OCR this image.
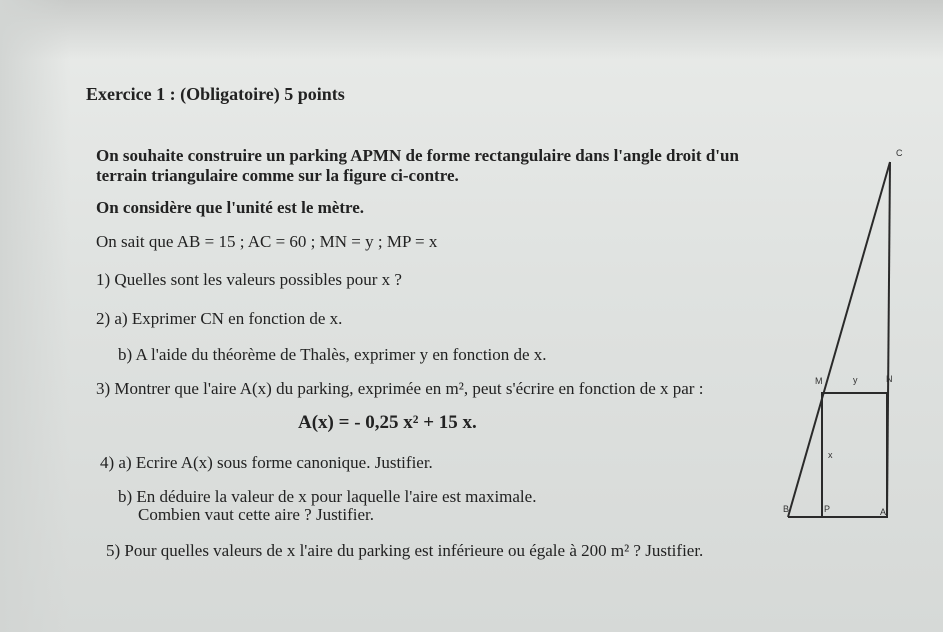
Exercice 1 : (Obligatoire) 5 points
On souhaite construire un parking APMN de forme rectangulaire dans l'angle droit d'un
terrain triangulaire comme sur la figure ci-contre.
On considère que l'unité est le mètre.
On sait que AB = 15 ; AC = 60 ; MN = y ; MP = x
1) Quelles sont les valeurs possibles pour x ?
2) a) Exprimer CN en fonction de x.
b) A l'aide du théorème de Thalès, exprimer y en fonction de x.
3) Montrer que l'aire A(x) du parking, exprimée en m², peut s'écrire en fonction de x par :
A(x) = - 0,25 x² + 15 x.
4) a) Ecrire A(x) sous forme canonique. Justifier.
b) En déduire la valeur de x pour laquelle l'aire est maximale.
Combien vaut cette aire ? Justifier.
5) Pour quelles valeurs de x l'aire du parking est inférieure ou égale à 200 m² ? Justifier.
C
M	y	N
x
B	P	A
